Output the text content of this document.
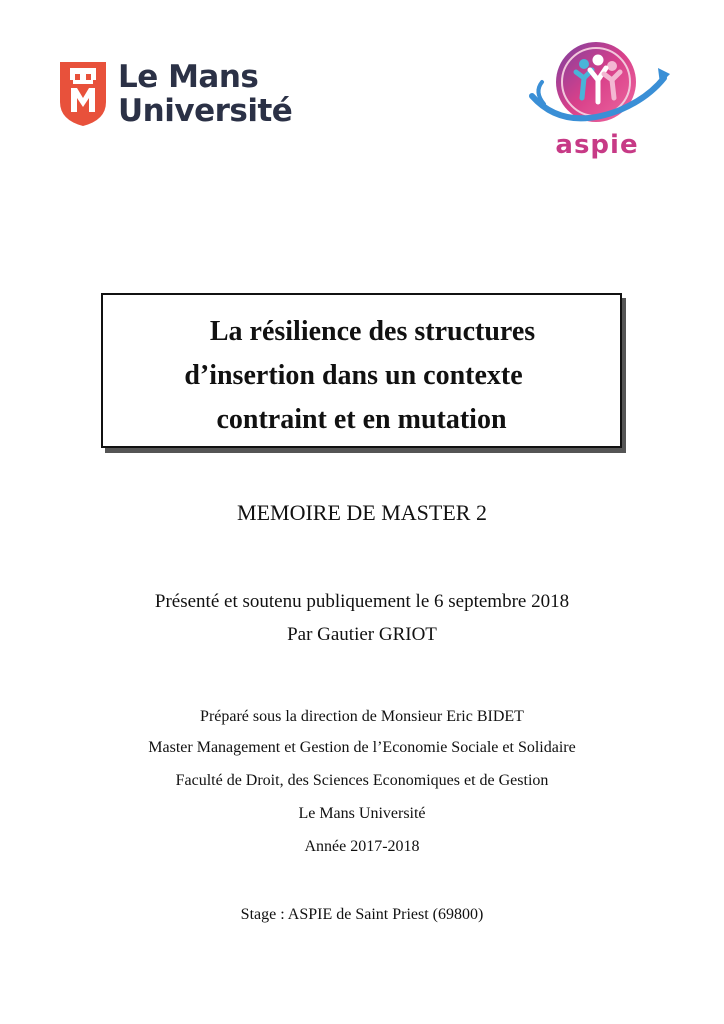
Le Mans
Université
aspie
La résilience des structures
d’insertion dans un contexte
contraint et en mutation
MEMOIRE DE MASTER 2
Présenté et soutenu publiquement le 6 septembre 2018
Par Gautier GRIOT
Préparé sous la direction de Monsieur Eric BIDET
Master Management et Gestion de l’Economie Sociale et Solidaire
Faculté de Droit, des Sciences Economiques et de Gestion
Le Mans Université
Année 2017-2018
Stage : ASPIE de Saint Priest (69800)
